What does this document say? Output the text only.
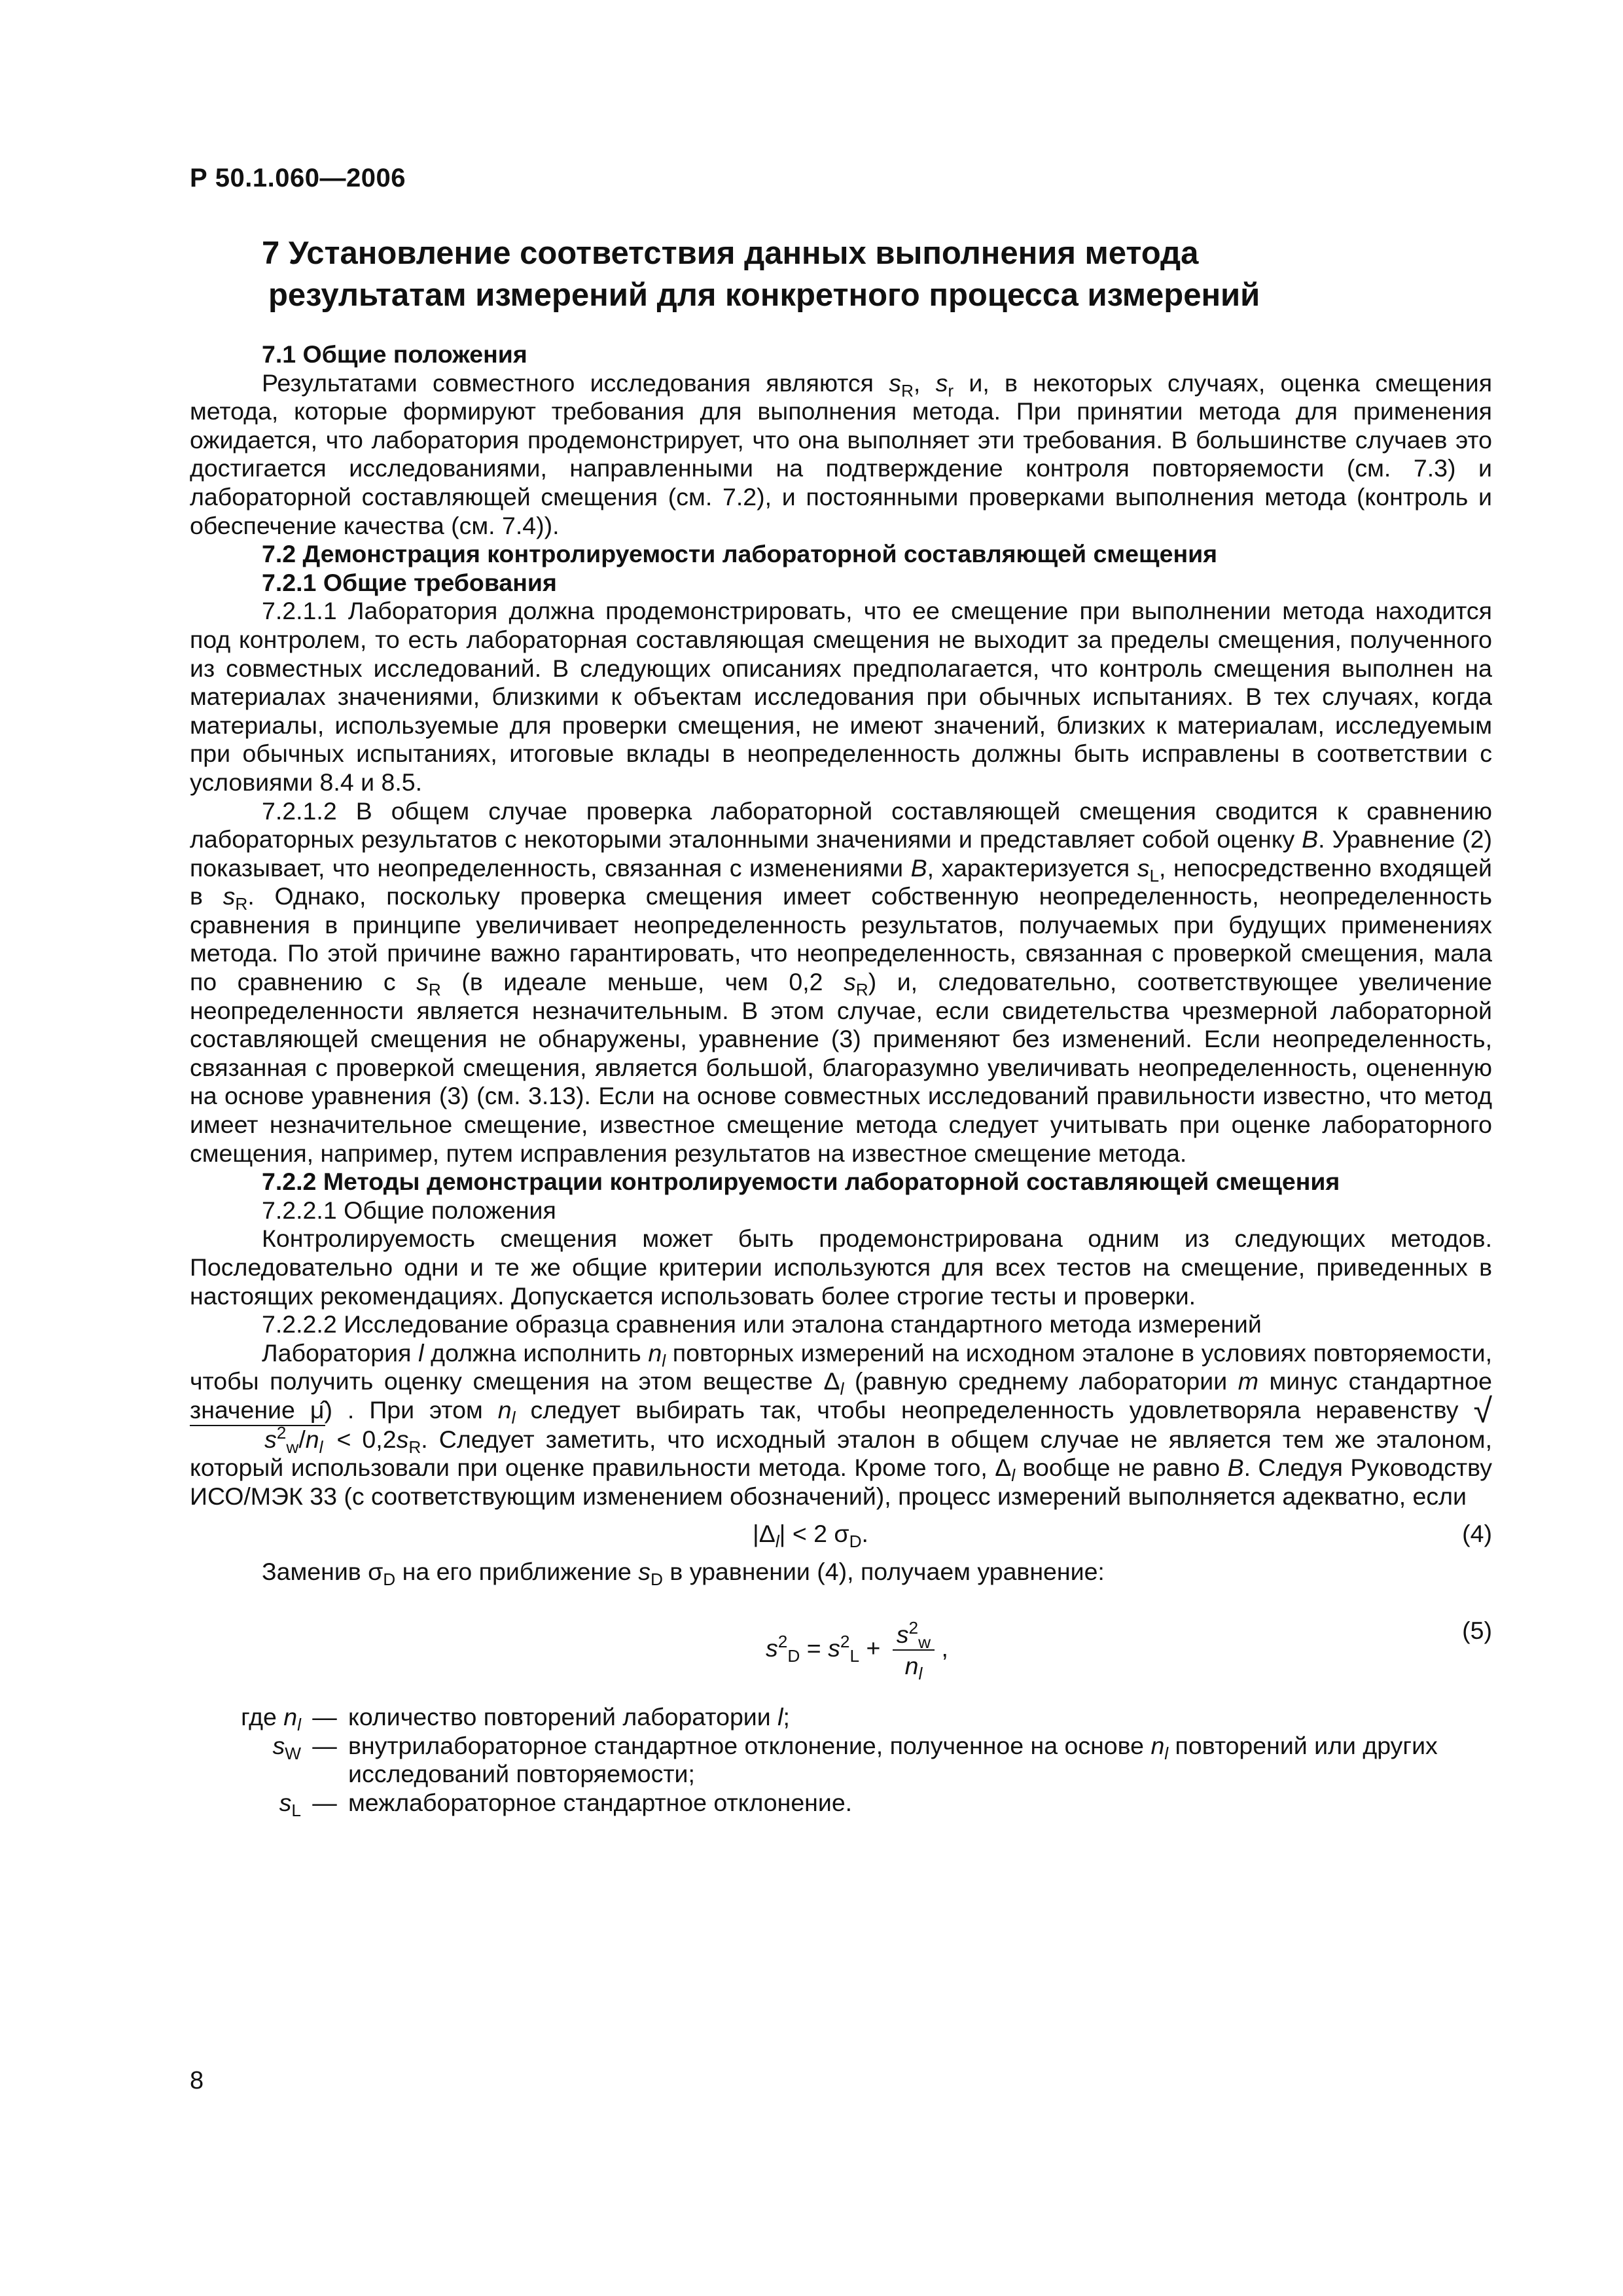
Р 50.1.060—2006
7 Установление соответствия данных выполнения метода
результатам измерений для конкретного процесса измерений
7.1 Общие положения

Результатами совместного исследования являются $s_R$, $s_r$ и, в некоторых случаях, оценка смещения метода, которые формируют требования для выполнения метода. При принятии метода для применения ожидается, что лаборатория продемонстрирует, что она выполняет эти требования. В большинстве случаев это достигается исследованиями, направленными на подтверждение контроля повторяемости (см. 7.3) и лабораторной составляющей смещения (см. 7.2), и постоянными проверками выполнения метода (контроль и обеспечение качества (см. 7.4)).

7.2 Демонстрация контролируемости лабораторной составляющей смещения
7.2.1 Общие требования

7.2.1.1 Лаборатория должна продемонстрировать, что ее смещение при выполнении метода находится под контролем, то есть лабораторная составляющая смещения не выходит за пределы смещения, полученного из совместных исследований. В следующих описаниях предполагается, что контроль смещения выполнен на материалах значениями, близкими к объектам исследования при обычных испытаниях. В тех случаях, когда материалы, используемые для проверки смещения, не имеют значений, близких к материалам, исследуемым при обычных испытаниях, итоговые вклады в неопределенность должны быть исправлены в соответствии с условиями 8.4 и 8.5.

7.2.1.2 В общем случае проверка лабораторной составляющей смещения сводится к сравнению лабораторных результатов с некоторыми эталонными значениями и представляет собой оценку B. Уравнение (2) показывает, что неопределенность, связанная с изменениями B, характеризуется $s_L$, непосредственно входящей в $s_R$. Однако, поскольку проверка смещения имеет собственную неопределенность, неопределенность сравнения в принципе увеличивает неопределенность результатов, получаемых при будущих применениях метода. По этой причине важно гарантировать, что неопределенность, связанная с проверкой смещения, мала по сравнению с $s_R$ (в идеале меньше, чем 0,2 $s_R$) и, следовательно, соответствующее увеличение неопределенности является незначительным. В этом случае, если свидетельства чрезмерной лабораторной составляющей смещения не обнаружены, уравнение (3) применяют без изменений. Если неопределенность, связанная с проверкой смещения, является большой, благоразумно увеличивать неопределенность, оцененную на основе уравнения (3) (см. 3.13). Если на основе совместных исследований правильности известно, что метод имеет незначительное смещение, известное смещение метода следует учитывать при оценке лабораторного смещения, например, путем исправления результатов на известное смещение метода.

7.2.2 Методы демонстрации контролируемости лабораторной составляющей смещения
7.2.2.1 Общие положения

Контролируемость смещения может быть продемонстрирована одним из следующих методов. Последовательно одни и те же общие критерии используются для всех тестов на смещение, приведенных в настоящих рекомендациях. Допускается использовать более строгие тесты и проверки.

7.2.2.2 Исследование образца сравнения или эталона стандартного метода измерений

Лаборатория l должна исполнить $n_l$ повторных измерений на исходном эталоне в условиях повторяемости, чтобы получить оценку смещения на этом веществе $\Delta_l$ (равную среднему лаборатории m минус стандартное значение μ̂) . При этом $n_l$ следует выбирать так, чтобы неопределенность удовлетворяла неравенству $√s^2_w/n_l < 0,2s_R$. Следует заметить, что исходный эталон в общем случае не является тем же эталоном, который использовали при оценке правильности метода. Кроме того, $\Delta_l$ вообще не равно B. Следуя Руководству ИСО/МЭК 33 (с соответствующим изменением обозначений), процесс измерений выполняется адекватно, если

$|\Delta_l| < 2$ $\sigma_D$.	(4)

Заменив $\sigma_D$ на его приближение $s_D$ в уравнении (4), получаем уравнение:

$s^2_D = s^2_L + \frac{s^2_w}{n_l}$ ,
(5)
где $n_l$ — количество повторений лаборатории l;
$s_W$ — внутрилабораторное стандартное отклонение, полученное на основе $n_l$ повторений или других исследований повторяемости;
$s_L$ — межлабораторное стандартное отклонение.
8
